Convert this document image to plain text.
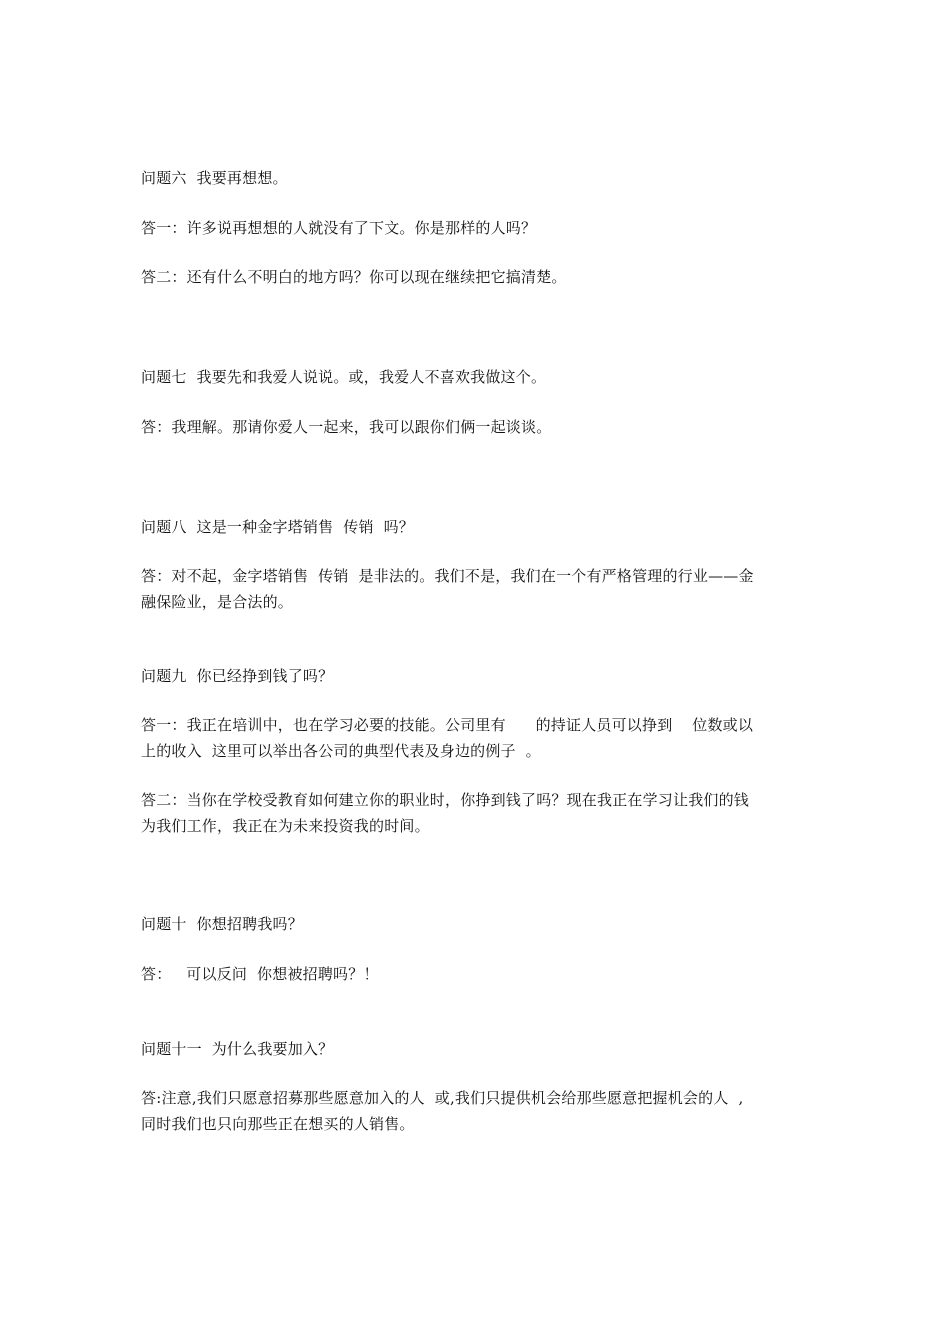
问题六  我要再想想。
答一：许多说再想想的人就没有了下文。你是那样的人吗？
答二：还有什么不明白的地方吗？你可以现在继续把它搞清楚。
问题七  我要先和我爱人说说。或，我爱人不喜欢我做这个。
答：我理解。那请你爱人一起来，我可以跟你们俩一起谈谈。
问题八  这是一种金字塔销售  传销  吗？
答：对不起，金字塔销售  传销  是非法的。我们不是，我们在一个有严格管理的行业——金
融保险业，是合法的。
问题九  你已经挣到钱了吗？
答一：我正在培训中，也在学习必要的技能。公司里有      的持证人员可以挣到    位数或以
上的收入  这里可以举出各公司的典型代表及身边的例子  。
答二：当你在学校受教育如何建立你的职业时，你挣到钱了吗？现在我正在学习让我们的钱
为我们工作，我正在为未来投资我的时间。
问题十  你想招聘我吗？
答：   可以反问  你想被招聘吗？！
问题十一  为什么我要加入？
答:注意,我们只愿意招募那些愿意加入的人  或,我们只提供机会给那些愿意把握机会的人  ,
同时我们也只向那些正在想买的人销售。
